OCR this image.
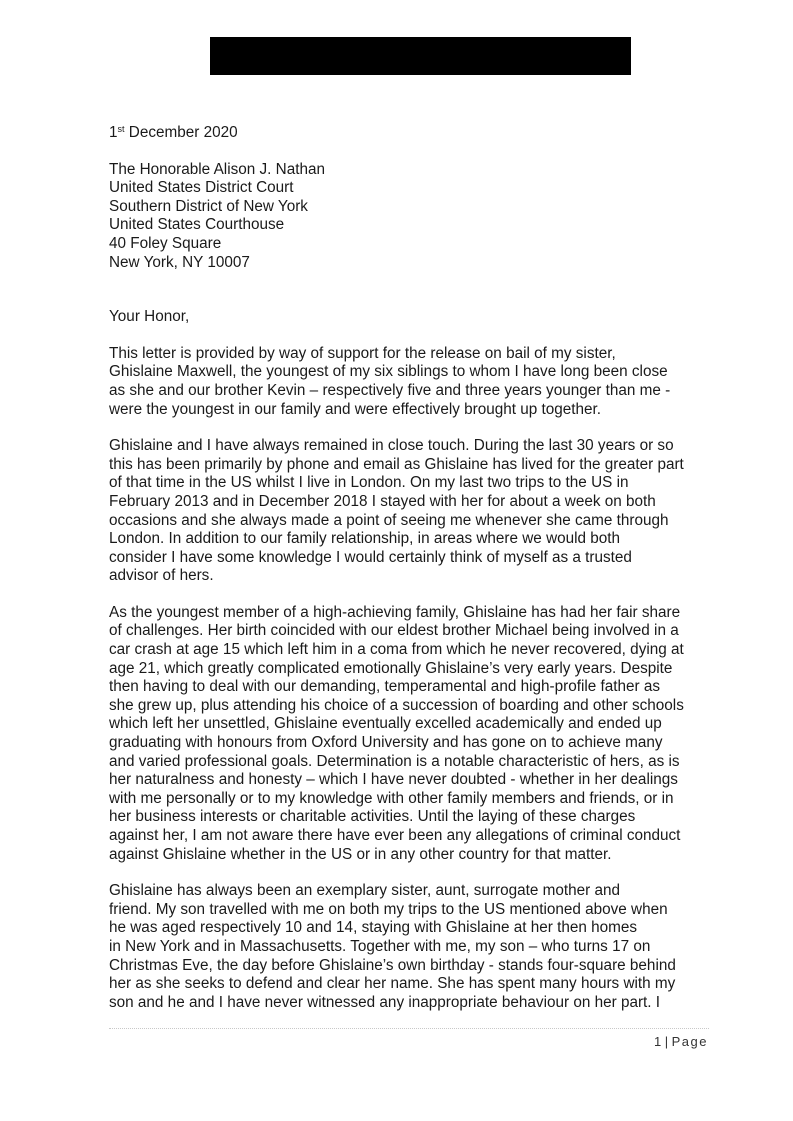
1st December 2020
The Honorable Alison J. Nathan
United States District Court
Southern District of New York
United States Courthouse
40 Foley Square
New York, NY 10007
Your Honor,
This letter is provided by way of support for the release on bail of my sister,
Ghislaine Maxwell, the youngest of my six siblings to whom I have long been close
as she and our brother Kevin – respectively five and three years younger than me -
were the youngest in our family and were effectively brought up together.
Ghislaine and I have always remained in close touch. During the last 30 years or so
this has been primarily by phone and email as Ghislaine has lived for the greater part
of that time in the US whilst I live in London. On my last two trips to the US in
February 2013 and in December 2018 I stayed with her for about a week on both
occasions and she always made a point of seeing me whenever she came through
London. In addition to our family relationship, in areas where we would both
consider I have some knowledge I would certainly think of myself as a trusted
advisor of hers.
As the youngest member of a high-achieving family, Ghislaine has had her fair share
of challenges. Her birth coincided with our eldest brother Michael being involved in a
car crash at age 15 which left him in a coma from which he never recovered, dying at
age 21, which greatly complicated emotionally Ghislaine’s very early years. Despite
then having to deal with our demanding, temperamental and high-profile father as
she grew up, plus attending his choice of a succession of boarding and other schools
which left her unsettled, Ghislaine eventually excelled academically and ended up
graduating with honours from Oxford University and has gone on to achieve many
and varied professional goals. Determination is a notable characteristic of hers, as is
her naturalness and honesty – which I have never doubted - whether in her dealings
with me personally or to my knowledge with other family members and friends, or in
her business interests or charitable activities. Until the laying of these charges
against her, I am not aware there have ever been any allegations of criminal conduct
against Ghislaine whether in the US or in any other country for that matter.
Ghislaine has always been an exemplary sister, aunt, surrogate mother and
friend. My son travelled with me on both my trips to the US mentioned above when
he was aged respectively 10 and 14, staying with Ghislaine at her then homes
in New York and in Massachusetts. Together with me, my son – who turns 17 on
Christmas Eve, the day before Ghislaine’s own birthday - stands four-square behind
her as she seeks to defend and clear her name. She has spent many hours with my
son and he and I have never witnessed any inappropriate behaviour on her part. I
1 | Page
